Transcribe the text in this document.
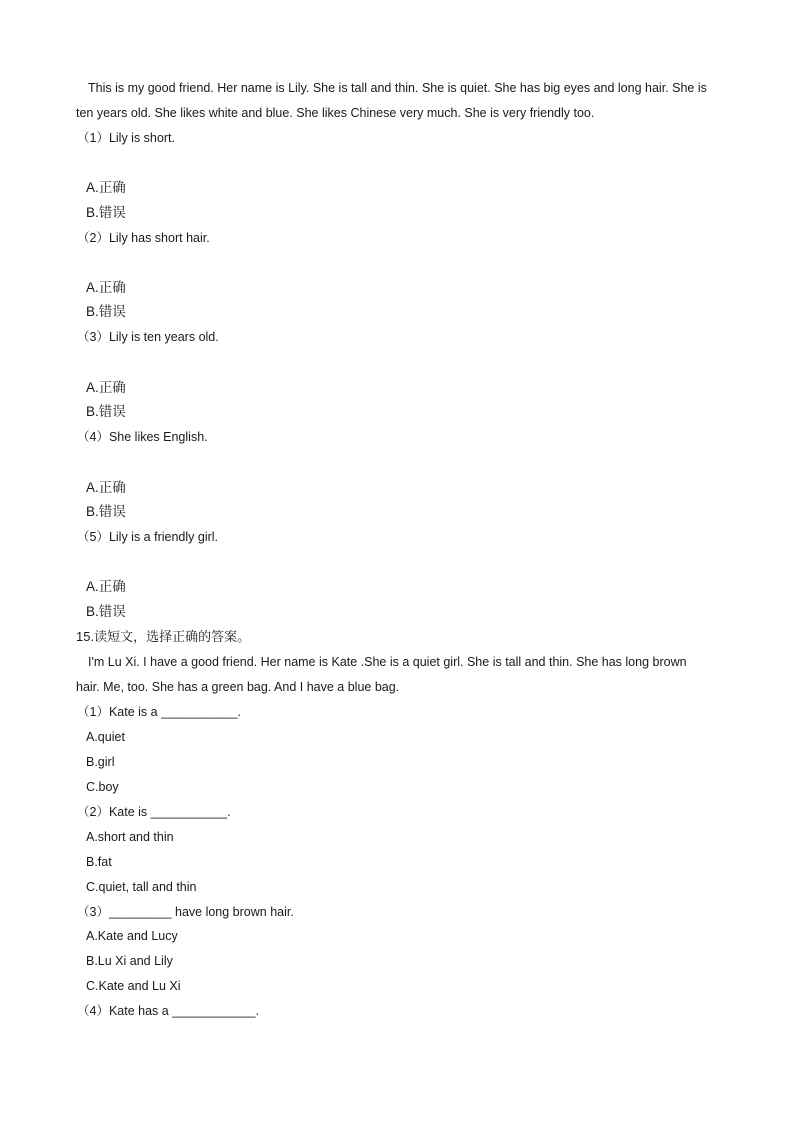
This is my good friend. Her name is Lily. She is tall and thin. She is quiet. She has big eyes and long hair. She is
ten years old. She likes white and blue. She likes Chinese very much. She is very friendly too.
（1）Lily is short.
A.正确
B.错误
（2）Lily has short hair.
A.正确
B.错误
（3）Lily is ten years old.
A.正确
B.错误
（4）She likes English.
A.正确
B.错误
（5）Lily is a friendly girl.
A.正确
B.错误
15.读短文，选择正确的答案。
I'm Lu Xi. I have a good friend. Her name is Kate .She is a quiet girl. She is tall and thin. She has long brown
hair. Me, too. She has a green bag. And I have a blue bag.
（1）Kate is a ___________.
A.quiet
B.girl
C.boy
（2）Kate is ___________.
A.short and thin
B.fat
C.quiet, tall and thin
（3）_________ have long brown hair.
A.Kate and Lucy
B.Lu Xi and Lily
C.Kate and Lu Xi
（4）Kate has a ____________.
